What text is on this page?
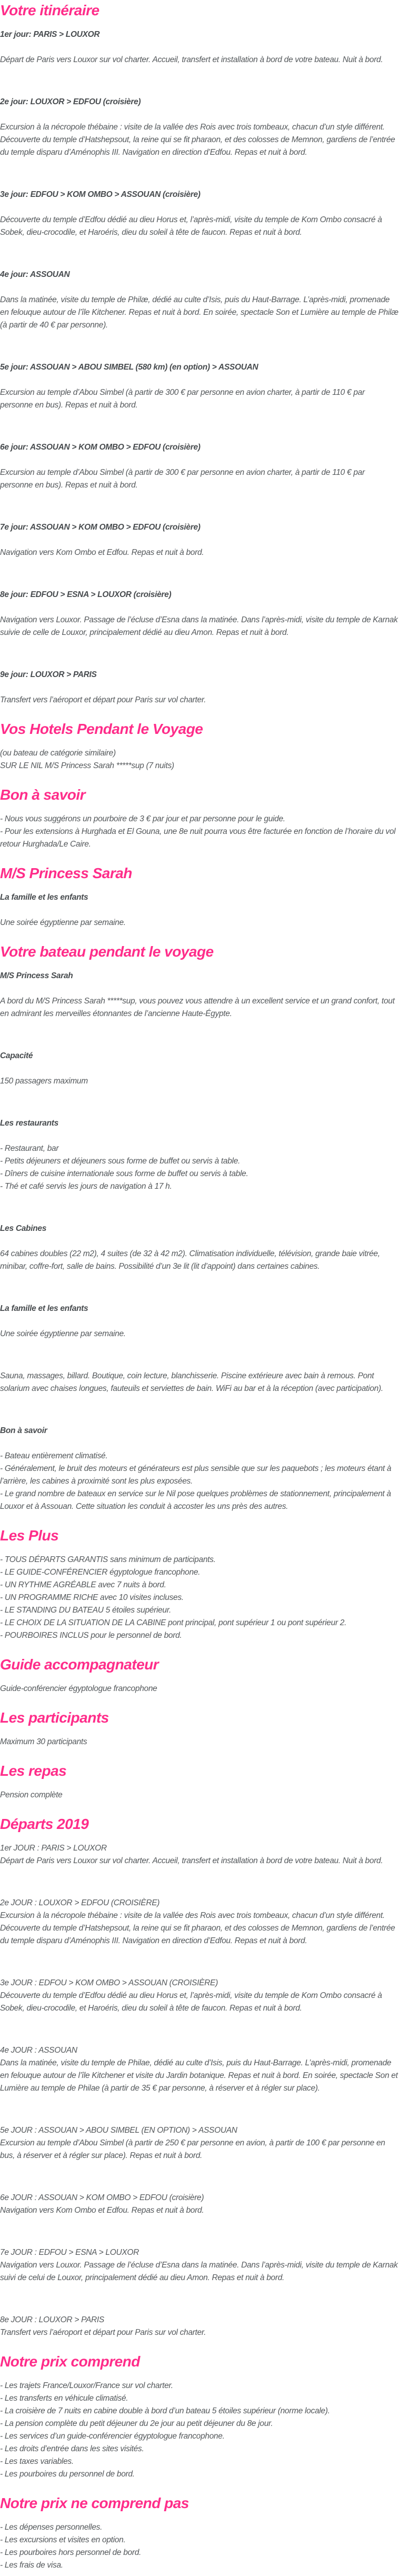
Votre itinéraire
1er jour: PARIS > LOUXOR

Départ de Paris vers Louxor sur vol charter. Accueil, transfert et installation à bord de votre bateau. Nuit à bord.

2e jour: LOUXOR > EDFOU (croisière)

Excursion à la nécropole thébaine : visite de la vallée des Rois avec trois tombeaux, chacun d’un style différent. Découverte du temple d’Hatshepsout, la reine qui se fit pharaon, et des colosses de Memnon, gardiens de l’entrée du temple disparu d’Aménophis III. Navigation en direction d’Edfou. Repas et nuit à bord.

3e jour: EDFOU > KOM OMBO > ASSOUAN (croisière)

Découverte du temple d’Edfou dédié au dieu Horus et, l’après-midi, visite du temple de Kom Ombo consacré à Sobek, dieu-crocodile, et Haroéris, dieu du soleil à tête de faucon. Repas et nuit à bord.

4e jour: ASSOUAN

Dans la matinée, visite du temple de Philæ, dédié au culte d’Isis, puis du Haut-Barrage. L’après-midi, promenade en felouque autour de l’île Kitchener. Repas et nuit à bord. En soirée, spectacle Son et Lumière au temple de Philæ (à partir de 40 € par personne).

5e jour: ASSOUAN > ABOU SIMBEL (580 km) (en option) > ASSOUAN

Excursion au temple d’Abou Simbel (à partir de 300 € par personne en avion charter, à partir de 110 € par personne en bus). Repas et nuit à bord.

6e jour: ASSOUAN > KOM OMBO > EDFOU (croisière)

Excursion au temple d’Abou Simbel (à partir de 300 € par personne en avion charter, à partir de 110 € par personne en bus). Repas et nuit à bord.

7e jour: ASSOUAN > KOM OMBO > EDFOU (croisière)

Navigation vers Kom Ombo et Edfou. Repas et nuit à bord.

8e jour: EDFOU > ESNA > LOUXOR (croisière)

Navigation vers Louxor. Passage de l’écluse d’Esna dans la matinée. Dans l’après-midi, visite du temple de Karnak suivie de celle de Louxor, principalement dédié au dieu Amon. Repas et nuit à bord.

9e jour: LOUXOR > PARIS

Transfert vers l’aéroport et départ pour Paris sur vol charter.

Vos Hotels Pendant le Voyage
(ou bateau de catégorie similaire)
SUR LE NIL M/S Princess Sarah *****sup (7 nuits)
Bon à savoir
- Nous vous suggérons un pourboire de 3 € par jour et par personne pour le guide.
- Pour les extensions à Hurghada et El Gouna, une 8e nuit pourra vous être facturée en fonction de l’horaire du vol retour Hurghada/Le Caire.
M/S Princess Sarah
La famille et les enfants

Une soirée égyptienne par semaine.

Votre bateau pendant le voyage
M/S Princess Sarah

A bord du M/S Princess Sarah *****sup, vous pouvez vous attendre à un excellent service et un grand confort, tout en admirant les merveilles étonnantes de l’ancienne Haute-Égypte.

Capacité

150 passagers maximum

Les restaurants
- Restaurant, bar
- Petits déjeuners et déjeuners sous forme de buffet ou servis à table.
- Dîners de cuisine internationale sous forme de buffet ou servis à table.
- Thé et café servis les jours de navigation à 17 h.
Les Cabines

64 cabines doubles (22 m2), 4 suites (de 32 à 42 m2). Climatisation individuelle, télévision, grande baie vitrée, minibar, coffre-fort, salle de bains. Possibilité d’un 3e lit (lit d’appoint) dans certaines cabines.

La famille et les enfants

Une soirée égyptienne par semaine.

Sauna, massages, billard. Boutique, coin lecture, blanchisserie. Piscine extérieure avec bain à remous. Pont solarium avec chaises longues, fauteuils et serviettes de bain. WiFi au bar et à la réception (avec participation).

Bon à savoir
- Bateau entièrement climatisé.
- Généralement, le bruit des moteurs et générateurs est plus sensible que sur les paquebots ; les moteurs étant à l’arrière, les cabines à proximité sont les plus exposées.
- Le grand nombre de bateaux en service sur le Nil pose quelques problèmes de stationnement, principalement à Louxor et à Assouan. Cette situation les conduit à accoster les uns près des autres.
Les Plus
- TOUS DÉPARTS GARANTIS sans minimum de participants.
- LE GUIDE-CONFÉRENCIER égyptologue francophone.
- UN RYTHME AGRÉABLE avec 7 nuits à bord.
- UN PROGRAMME RICHE avec 10 visites incluses.
- LE STANDING DU BATEAU 5 étoiles supérieur.
- LE CHOIX DE LA SITUATION DE LA CABINE pont principal, pont supérieur 1 ou pont supérieur 2.
- POURBOIRES INCLUS pour le personnel de bord.
Guide accompagnateur

Guide-conférencier égyptologue francophone

Les participants

Maximum 30 participants

Les repas

Pension complète

Départs 2019
1er JOUR : PARIS > LOUXOR

Départ de Paris vers Louxor sur vol charter. Accueil, transfert et installation à bord de votre bateau. Nuit à bord.

2e JOUR : LOUXOR > EDFOU (CROISIÈRE)

Excursion à la nécropole thébaine : visite de la vallée des Rois avec trois tombeaux, chacun d’un style différent. Découverte du temple d’Hatshepsout, la reine qui se fit pharaon, et des colosses de Memnon, gardiens de l’entrée du temple disparu d’Aménophis III. Navigation en direction d’Edfou. Repas et nuit à bord.

3e JOUR : EDFOU > KOM OMBO > ASSOUAN (CROISIÈRE)

Découverte du temple d’Edfou dédié au dieu Horus et, l’après-midi, visite du temple de Kom Ombo consacré à Sobek, dieu-crocodile, et Haroéris, dieu du soleil à tête de faucon. Repas et nuit à bord.

4e JOUR : ASSOUAN

Dans la matinée, visite du temple de Philae, dédié au culte d’Isis, puis du Haut-Barrage. L’après-midi, promenade en felouque autour de l’île Kitchener et visite du Jardin botanique. Repas et nuit à bord. En soirée, spectacle Son et Lumière au temple de Philae (à partir de 35 € par personne, à réserver et à régler sur place).

5e JOUR : ASSOUAN > ABOU SIMBEL (EN OPTION) > ASSOUAN

Excursion au temple d’Abou Simbel (à partir de 250 € par personne en avion, à partir de 100 € par personne en bus, à réserver et à régler sur place). Repas et nuit à bord.

6e JOUR : ASSOUAN > KOM OMBO > EDFOU (croisière)

Navigation vers Kom Ombo et Edfou. Repas et nuit à bord.

7e JOUR : EDFOU > ESNA > LOUXOR

Navigation vers Louxor. Passage de l’écluse d’Esna dans la matinée. Dans l’après-midi, visite du temple de Karnak suivi de celui de Louxor, principalement dédié au dieu Amon. Repas et nuit à bord.

8e JOUR : LOUXOR > PARIS

Transfert vers l’aéroport et départ pour Paris sur vol charter.

Notre prix comprend
- Les trajets France/Louxor/France sur vol charter.
- Les transferts en véhicule climatisé.
- La croisière de 7 nuits en cabine double à bord d’un bateau 5 étoiles supérieur (norme locale).
- La pension complète du petit déjeuner du 2e jour au petit déjeuner du 8e jour.
- Les services d’un guide-conférencier égyptologue francophone.
- Les droits d’entrée dans les sites visités.
- Les taxes variables.
- Les pourboires du personnel de bord.
Notre prix ne comprend pas
- Les dépenses personnelles.
- Les excursions et visites en option.
- Les pourboires hors personnel de bord.
- Les frais de visa.
